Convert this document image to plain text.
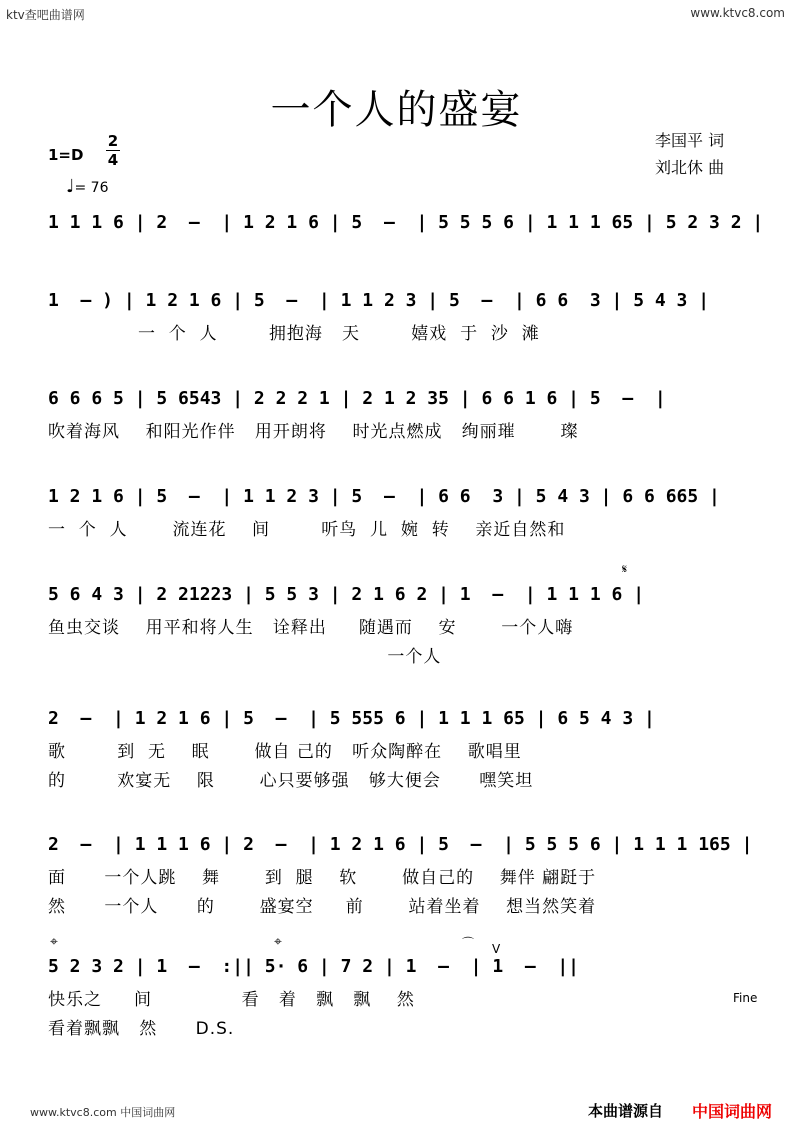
ktv查吧曲谱网	www.ktvc8.com
一个人的盛宴
李国平 词
刘北休 曲
1=D
2
4
♩= 76
1 1 1 6 | 2  –  | 1 2 1 6 | 5  –  | 5 5 5 6 | 1 1 1 65 | 5 2 3 2 |
1  – ) | 1 2 1 6 | 5  –  | 1 1 2 3 | 5  –  | 6 6  3 | 5 4 3 |
一  个  人        拥抱海   天        嬉戏  于  沙  滩
6 6 6 5 | 5 6543 | 2 2 2 1 | 2 1 2 35 | 6 6 1 6 | 5  –  |
吹着海风    和阳光作伴   用开朗将    时光点燃成   绚丽璀       璨
1 2 1 6 | 5  –  | 1 1 2 3 | 5  –  | 6 6  3 | 5 4 3 | 6 6 665 |
一  个  人       流连花    间        听鸟  儿  婉  转    亲近自然和
5 6 4 3 | 2 21223 | 5 5 3 | 2 1 6 2 | 1  –  | 1 1 1 6 |
鱼虫交谈    用平和将人生   诠释出     随遇而    安       一个人嗨
一个人
2  –  | 1 2 1 6 | 5  –  | 5 555 6 | 1 1 1 65 | 6 5 4 3 |
歌        到  无    眠       做自 己的   听众陶醉在    歌唱里
的        欢宴无    限       心只要够强   够大便会      嘿笑坦
2  –  | 1 1 1 6 | 2  –  | 1 2 1 6 | 5  –  | 5 5 5 6 | 1 1 1 165 |
面      一个人跳    舞       到  腿    软       做自己的    舞伴 翩跹于
然      一个人      的       盛宴空     前       站着坐着    想当然笑着
5 2 3 2 | 1  –  :|| 5· 6 | 7 2 | 1  –  | 1  –  ||
快乐之     间              看   着   飘   飘    然
看着飘飘   然      D.S.
𝄋
⌖	⌖	V
⌒
Fine
www.ktvc8.com 中国词曲网	本曲谱源自 中国词曲网
